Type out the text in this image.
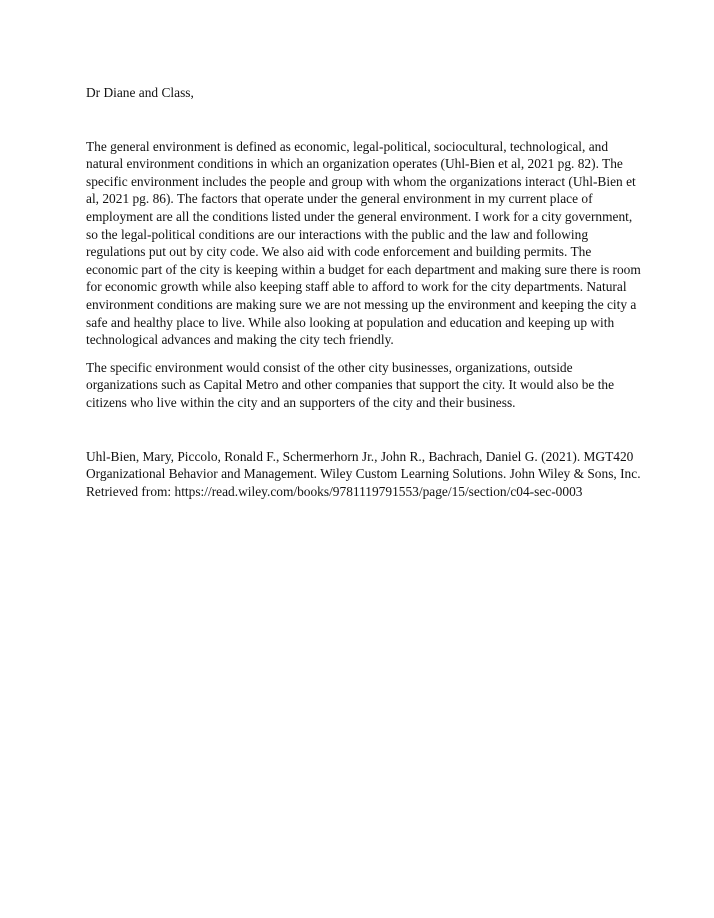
Dr Diane and Class,

The general environment is defined as economic, legal-political, sociocultural, technological, and natural environment conditions in which an organization operates (Uhl-Bien et al, 2021 pg. 82). The specific environment includes the people and group with whom the organizations interact (Uhl-Bien et al, 2021 pg. 86). The factors that operate under the general environment in my current place of employment are all the conditions listed under the general environment. I work for a city government, so the legal-political conditions are our interactions with the public and the law and following regulations put out by city code. We also aid with code enforcement and building permits. The economic part of the city is keeping within a budget for each department and making sure there is room for economic growth while also keeping staff able to afford to work for the city departments. Natural environment conditions are making sure we are not messing up the environment and keeping the city a safe and healthy place to live. While also looking at population and education and keeping up with technological advances and making the city tech friendly.

The specific environment would consist of the other city businesses, organizations, outside organizations such as Capital Metro and other companies that support the city. It would also be the citizens who live within the city and an supporters of the city and their business.

Uhl-Bien, Mary, Piccolo, Ronald F., Schermerhorn Jr., John R., Bachrach, Daniel G. (2021). MGT420 Organizational Behavior and Management. Wiley Custom Learning Solutions. John Wiley & Sons, Inc. Retrieved from: https://read.wiley.com/books/9781119791553/page/15/section/c04-sec-0003
